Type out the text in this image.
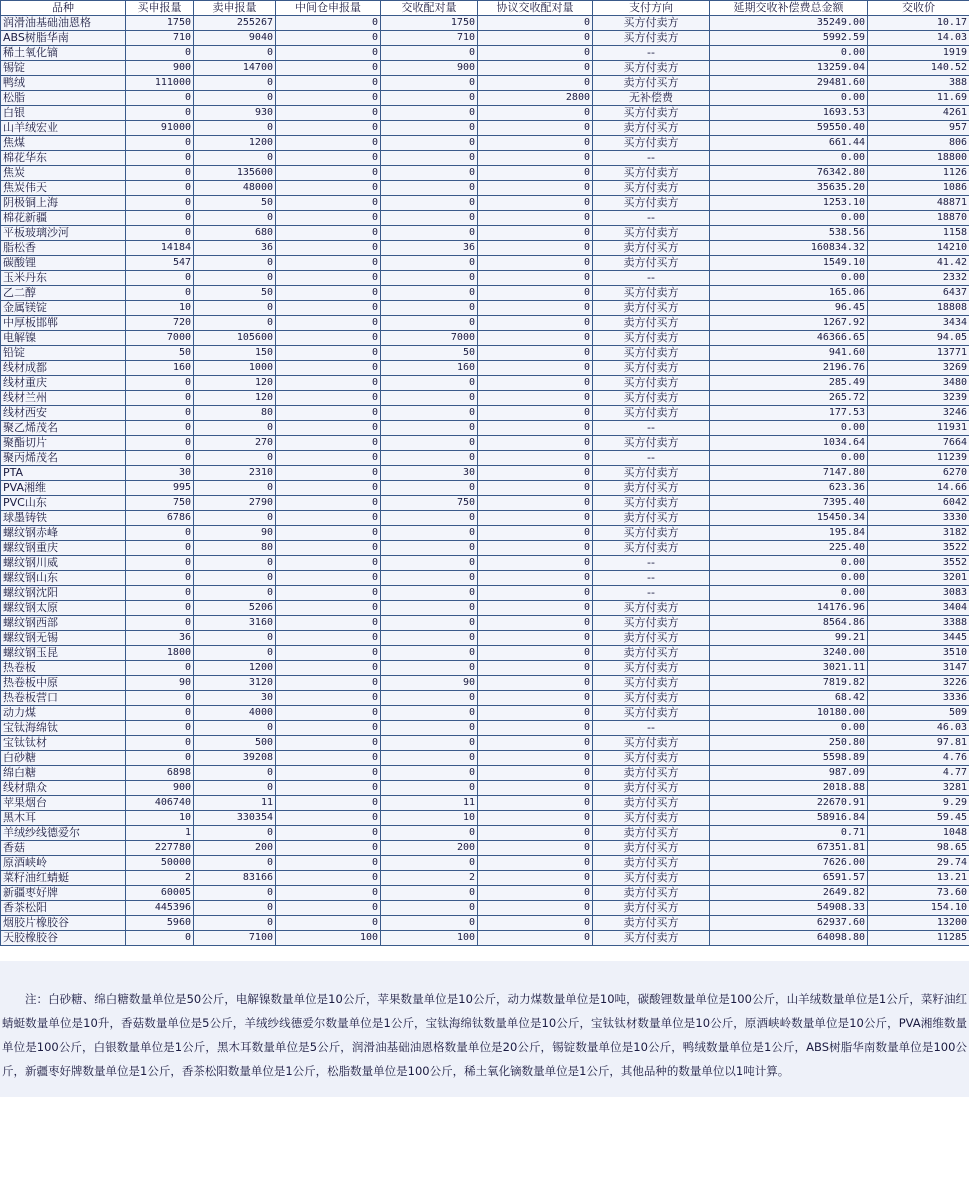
品种	买申报量	卖申报量	中间仓申报量	交收配对量	协议交收配对量	支付方向	延期交收补偿费总金额	交收价
润滑油基础油恩格	1750	255267	0	1750	0	买方付卖方	35249.00	10.17
ABS树脂华南	710	9040	0	710	0	买方付卖方	5992.59	14.03
稀土氧化镝	0	0	0	0	0	--	0.00	1919
锡锭	900	14700	0	900	0	买方付卖方	13259.04	140.52
鸭绒	111000	0	0	0	0	卖方付买方	29481.60	388
松脂	0	0	0	0	2800	无补偿费	0.00	11.69
白银	0	930	0	0	0	买方付卖方	1693.53	4261
山羊绒宏业	91000	0	0	0	0	卖方付买方	59550.40	957
焦煤	0	1200	0	0	0	买方付卖方	661.44	806
棉花华东	0	0	0	0	0	--	0.00	18800
焦炭	0	135600	0	0	0	买方付卖方	76342.80	1126
焦炭伟天	0	48000	0	0	0	买方付卖方	35635.20	1086
阴极铜上海	0	50	0	0	0	买方付卖方	1253.10	48871
棉花新疆	0	0	0	0	0	--	0.00	18870
平板玻璃沙河	0	680	0	0	0	买方付卖方	538.56	1158
脂松香	14184	36	0	36	0	卖方付买方	160834.32	14210
碳酸锂	547	0	0	0	0	卖方付买方	1549.10	41.42
玉米丹东	0	0	0	0	0	--	0.00	2332
乙二醇	0	50	0	0	0	买方付卖方	165.06	6437
金属镁锭	10	0	0	0	0	卖方付买方	96.45	18808
中厚板邯郸	720	0	0	0	0	卖方付买方	1267.92	3434
电解镍	7000	105600	0	7000	0	买方付卖方	46366.65	94.05
铅锭	50	150	0	50	0	买方付卖方	941.60	13771
线材成都	160	1000	0	160	0	买方付卖方	2196.76	3269
线材重庆	0	120	0	0	0	买方付卖方	285.49	3480
线材兰州	0	120	0	0	0	买方付卖方	265.72	3239
线材西安	0	80	0	0	0	买方付卖方	177.53	3246
聚乙烯茂名	0	0	0	0	0	--	0.00	11931
聚酯切片	0	270	0	0	0	买方付卖方	1034.64	7664
聚丙烯茂名	0	0	0	0	0	--	0.00	11239
PTA	30	2310	0	30	0	买方付卖方	7147.80	6270
PVA湘维	995	0	0	0	0	卖方付买方	623.36	14.66
PVC山东	750	2790	0	750	0	买方付卖方	7395.40	6042
球墨铸铁	6786	0	0	0	0	卖方付买方	15450.34	3330
螺纹钢赤峰	0	90	0	0	0	买方付卖方	195.84	3182
螺纹钢重庆	0	80	0	0	0	买方付卖方	225.40	3522
螺纹钢川威	0	0	0	0	0	--	0.00	3552
螺纹钢山东	0	0	0	0	0	--	0.00	3201
螺纹钢沈阳	0	0	0	0	0	--	0.00	3083
螺纹钢太原	0	5206	0	0	0	买方付卖方	14176.96	3404
螺纹钢西部	0	3160	0	0	0	买方付卖方	8564.86	3388
螺纹钢无锡	36	0	0	0	0	卖方付买方	99.21	3445
螺纹钢玉昆	1800	0	0	0	0	卖方付买方	3240.00	3510
热卷板	0	1200	0	0	0	买方付卖方	3021.11	3147
热卷板中原	90	3120	0	90	0	买方付卖方	7819.82	3226
热卷板营口	0	30	0	0	0	买方付卖方	68.42	3336
动力煤	0	4000	0	0	0	买方付卖方	10180.00	509
宝钛海绵钛	0	0	0	0	0	--	0.00	46.03
宝钛钛材	0	500	0	0	0	买方付卖方	250.80	97.81
白砂糖	0	39208	0	0	0	买方付卖方	5598.89	4.76
绵白糖	6898	0	0	0	0	卖方付买方	987.09	4.77
线材鼎众	900	0	0	0	0	卖方付买方	2018.88	3281
苹果烟台	406740	11	0	11	0	卖方付买方	22670.91	9.29
黑木耳	10	330354	0	10	0	买方付卖方	58916.84	59.45
羊绒纱线德爱尔	1	0	0	0	0	卖方付买方	0.71	1048
香菇	227780	200	0	200	0	卖方付买方	67351.81	98.65
原酒峡岭	50000	0	0	0	0	卖方付买方	7626.00	29.74
菜籽油红蜻蜓	2	83166	0	2	0	买方付卖方	6591.57	13.21
新疆枣好牌	60005	0	0	0	0	卖方付买方	2649.82	73.60
香茶松阳	445396	0	0	0	0	卖方付买方	54908.33	154.10
烟胶片橡胶谷	5960	0	0	0	0	卖方付买方	62937.60	13200
天胶橡胶谷	0	7100	100	100	0	买方付卖方	64098.80	11285
注：白砂糖、绵白糖数量单位是50公斤，电解镍数量单位是10公斤，苹果数量单位是10公斤，动力煤数量单位是10吨，碳酸锂数量单位是100公斤，山羊绒数量单位是1公斤，菜籽油红蜻蜓数量单位是10升，香菇数量单位是5公斤，羊绒纱线德爱尔数量单位是1公斤，宝钛海绵钛数量单位是10公斤，宝钛钛材数量单位是10公斤，原酒峡岭数量单位是10公斤，PVA湘维数量单位是100公斤，白银数量单位是1公斤，黑木耳数量单位是5公斤，润滑油基础油恩格数量单位是20公斤，锡锭数量单位是10公斤，鸭绒数量单位是1公斤，ABS树脂华南数量单位是100公斤，新疆枣好牌数量单位是1公斤，香茶松阳数量单位是1公斤，松脂数量单位是100公斤，稀土氧化镝数量单位是1公斤，其他品种的数量单位以1吨计算。
